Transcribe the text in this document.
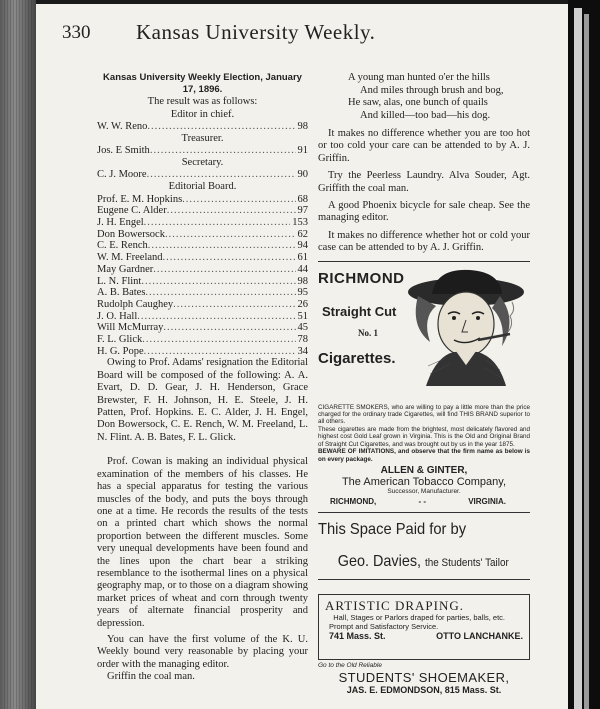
330 Kansas University Weekly.
Kansas University Weekly Election, January 17, 1896.
The result was as follows:
Editor in chief.
W. W. Reno .....	98
Treasurer.
Jos. E Smith .....	91
Secretary.
C. J. Moore .....	90
Editorial Board.
Prof. E. M. Hopkins .....	68
Eugene C. Alder .....	97
J. H. Engel .....	153
Don Bowersock .....	62
C. E. Rench .....	94
W. M. Freeland .....	61
May Gardner .....	44
L. N. Flint .....	98
A. B. Bates .....	95
Rudolph Caughey .....	26
J. O. Hall .....	51
Will McMurray .....	45
F. L. Glick .....	78
H. G. Pope .....	34

Owing to Prof. Adams' resignation the Editorial Board will be composed of the following: A. A. Evart, D. D. Gear, J. H. Henderson, Grace Brewster, F. H. Johnson, H. E. Steele, J. H. Patten, Prof. Hopkins. E. C. Alder, J. H. Engel, Don Bowersock, C. E. Rench, W. M. Freeland, L. N. Flint. A. B. Bates, F. L. Glick.

Prof. Cowan is making an individual physical examination of the members of his classes. He has a special apparatus for testing the various muscles of the body, and puts the boys through one at a time. He records the results of the tests on a printed chart which shows the normal proportion between the different muscles. Some very unequal developments have been found and the lines upon the chart bear a striking resemblance to the isothermal lines on a physical geography map, or to those on a diagram showing market prices of wheat and corn through twenty years of alternate financial prosperity and depression.

You can have the first volume of the K. U. Weekly bound very reasonable by placing your order with the managing editor.

Griffin the coal man.

A young man hunted o'er the hills
And miles through brush and bog,
He saw, alas, one bunch of quails
And killed—too bad—his dog.

It makes no difference whether you are too hot or too cold your care can be attended to by A. J. Griffin.

Try the Peerless Laundry. Alva Souder, Agt. Griffith the coal man.

A good Phoenix bicycle for sale cheap. See the managing editor.

It makes no difference whether hot or cold your case can be attended to by A. J. Griffin.

RICHMOND
Straight Cut
No. 1
Cigarettes.

CIGARETTE SMOKERS, who are willing to pay a little more than the price charged for the ordinary trade Cigarettes, will find THIS BRAND superior to all others.

These cigarettes are made from the brightest, most delicately flavored and highest cost Gold Leaf grown in Virginia. This is the Old and Original Brand of Straight Cut Cigarettes, and was brought out by us in the year 1875.

BEWARE OF IMITATIONS, and observe that the firm name as below is on every package.

ALLEN & GINTER,
The American Tobacco Company,
Successor, Manufacturer.
RICHMOND,	- -	VIRGINIA.
This Space Paid for by
Geo. Davies, the Students' Tailor
ARTISTIC DRAPING.
Hall, Stages or Parlors draped for parties, balls, etc.
Prompt and Satisfactory Service.
741 Mass. St.	OTTO LANCHANKE.
Go to the Old Reliable
STUDENTS' SHOEMAKER,
JAS. E. EDMONDSON, 815 Mass. St.
